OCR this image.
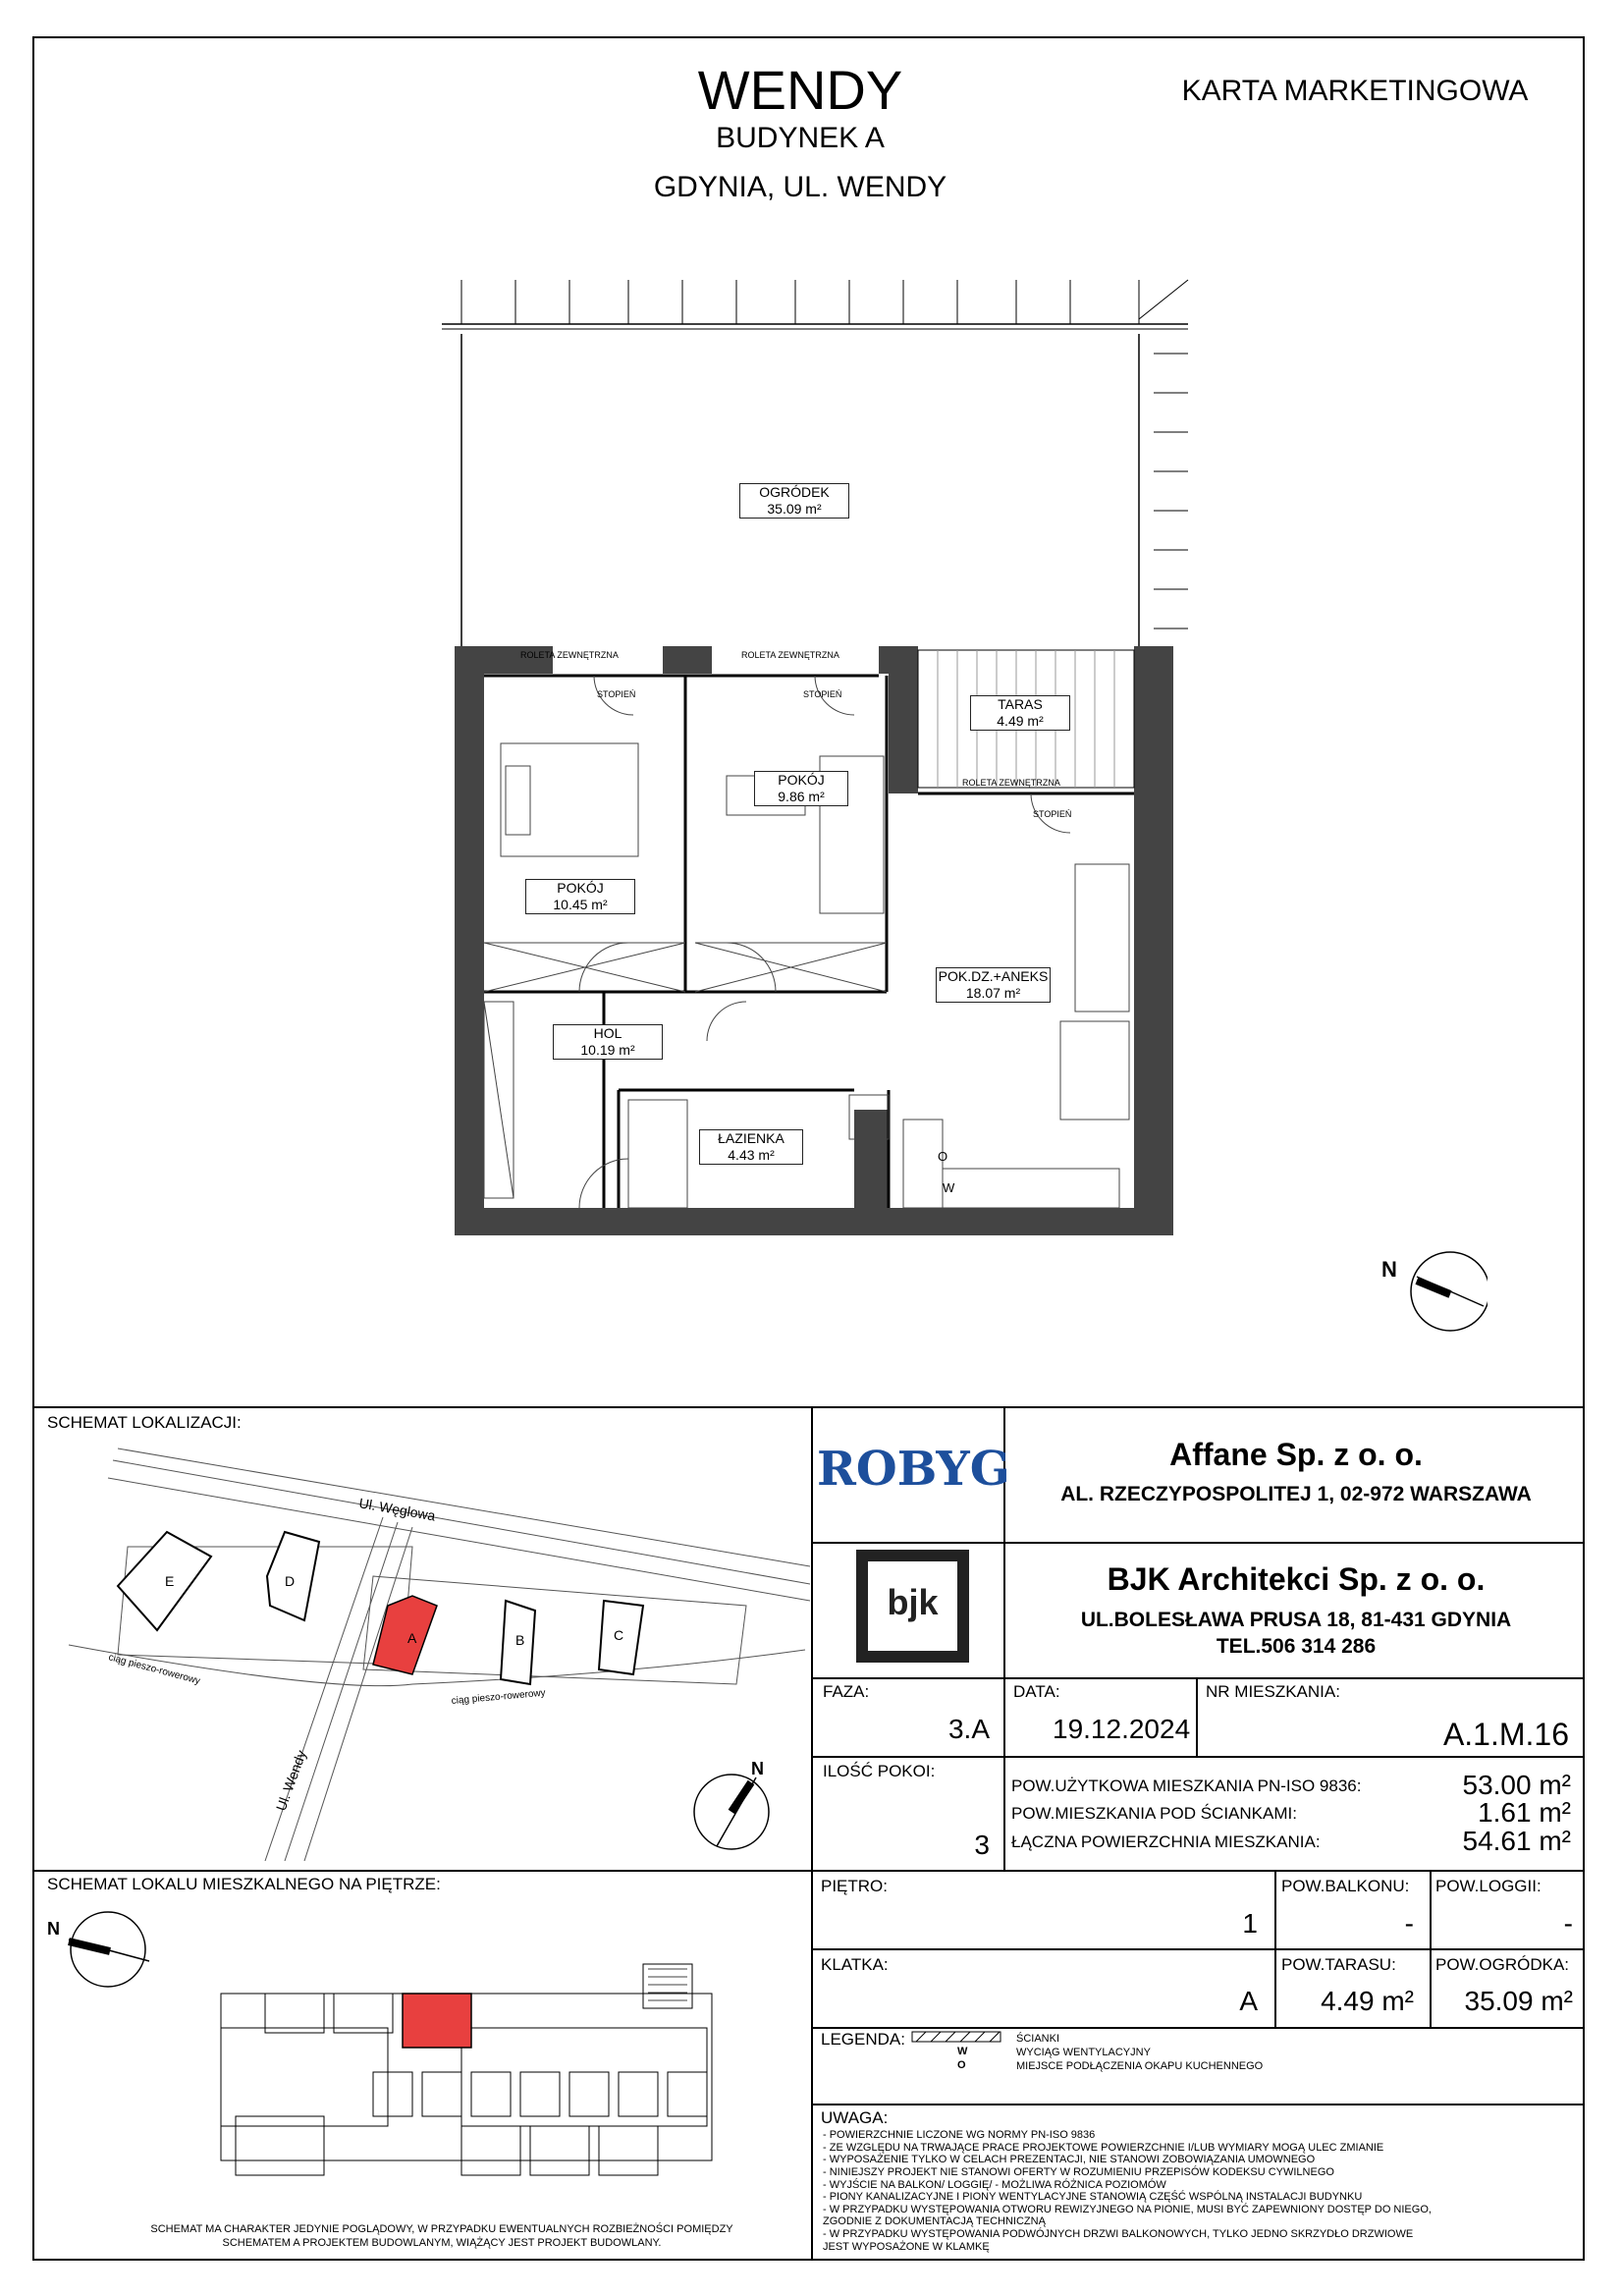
WENDY
BUDYNEK A
GDYNIA, UL. WENDY
KARTA MARKETINGOWA
ROLETA ZEWNĘTRZNA	ROLETA ZEWNĘTRZNA
ROLETA ZEWNĘTRZNA
STOPIEŃ	STOPIEŃ
STOPIEŃ
W
O
OGRÓDEK
35.09 m²
TARAS
4.49 m²
POKÓJ
9.86 m²
POKÓJ
10.45 m²
POK.DZ.+ANEKS
18.07 m²
HOL
10.19 m²
ŁAZIENKA
4.43 m²
N
SCHEMAT LOKALIZACJI:
E	D
A	B	C
Ul. Węglowa
Ul. Wendy
ciąg pieszo-rowerowy
ciąg pieszo-rowerowy
N
ROBYG	Affane Sp. z o. o.
AL. RZECZYPOSPOLITEJ 1, 02-972 WARSZAWA
bjk
BJK Architekci Sp. z o. o.
UL.BOLESŁAWA PRUSA 18, 81-431 GDYNIA
TEL.506 314 286
FAZA:
3.A
DATA:
19.12.2024
NR MIESZKANIA:
A.1.M.16
ILOŚĆ POKOI:
3
POW.UŻYTKOWA MIESZKANIA PN-ISO 9836:	53.00 m²
POW.MIESZKANIA POD ŚCIANKAMI:	1.61 m²
ŁĄCZNA POWIERZCHNIA MIESZKANIA:	54.61 m²
PIĘTRO:
1
POW.BALKONU:
-
POW.LOGGII:
-
KLATKA:
A
POW.TARASU:
4.49 m²
POW.OGRÓDKA:
35.09 m²
LEGENDA:
W
O
ŚCIANKI
WYCIĄG WENTYLACYJNY
MIEJSCE PODŁĄCZENIA OKAPU KUCHENNEGO
UWAGA:
- POWIERZCHNIE LICZONE WG NORMY PN-ISO 9836
- ZE WZGLĘDU NA TRWAJĄCE PRACE PROJEKTOWE POWIERZCHNIE I/LUB WYMIARY MOGĄ ULEC ZMIANIE
- WYPOSAŻENIE TYLKO W CELACH PREZENTACJI, NIE STANOWI ZOBOWIĄZANIA UMOWNEGO
- NINIEJSZY PROJEKT NIE STANOWI OFERTY W ROZUMIENIU PRZEPISÓW KODEKSU CYWILNEGO
- WYJŚCIE NA BALKON/ LOGGIĘ/ - MOŻLIWA RÓŻNICA POZIOMÓW
- PIONY KANALIZACYJNE I PIONY WENTYLACYJNE STANOWIĄ CZĘŚĆ WSPÓLNĄ INSTALACJI BUDYNKU
- W PRZYPADKU WYSTĘPOWANIA OTWORU REWIZYJNEGO NA PIONIE, MUSI BYĆ ZAPEWNIONY DOSTĘP DO NIEGO, ZGODNIE Z DOKUMENTACJĄ TECHNICZNĄ
- W PRZYPADKU WYSTĘPOWANIA PODWÓJNYCH DRZWI BALKONOWYCH, TYLKO JEDNO SKRZYDŁO DRZWIOWE JEST WYPOSAŻONE W KLAMKĘ
SCHEMAT LOKALU MIESZKALNEGO NA PIĘTRZE:
N
SCHEMAT MA CHARAKTER JEDYNIE POGLĄDOWY, W PRZYPADKU EWENTUALNYCH ROZBIEŻNOŚCI POMIĘDZY SCHEMATEM A PROJEKTEM BUDOWLANYM, WIĄŻĄCY JEST PROJEKT BUDOWLANY.
